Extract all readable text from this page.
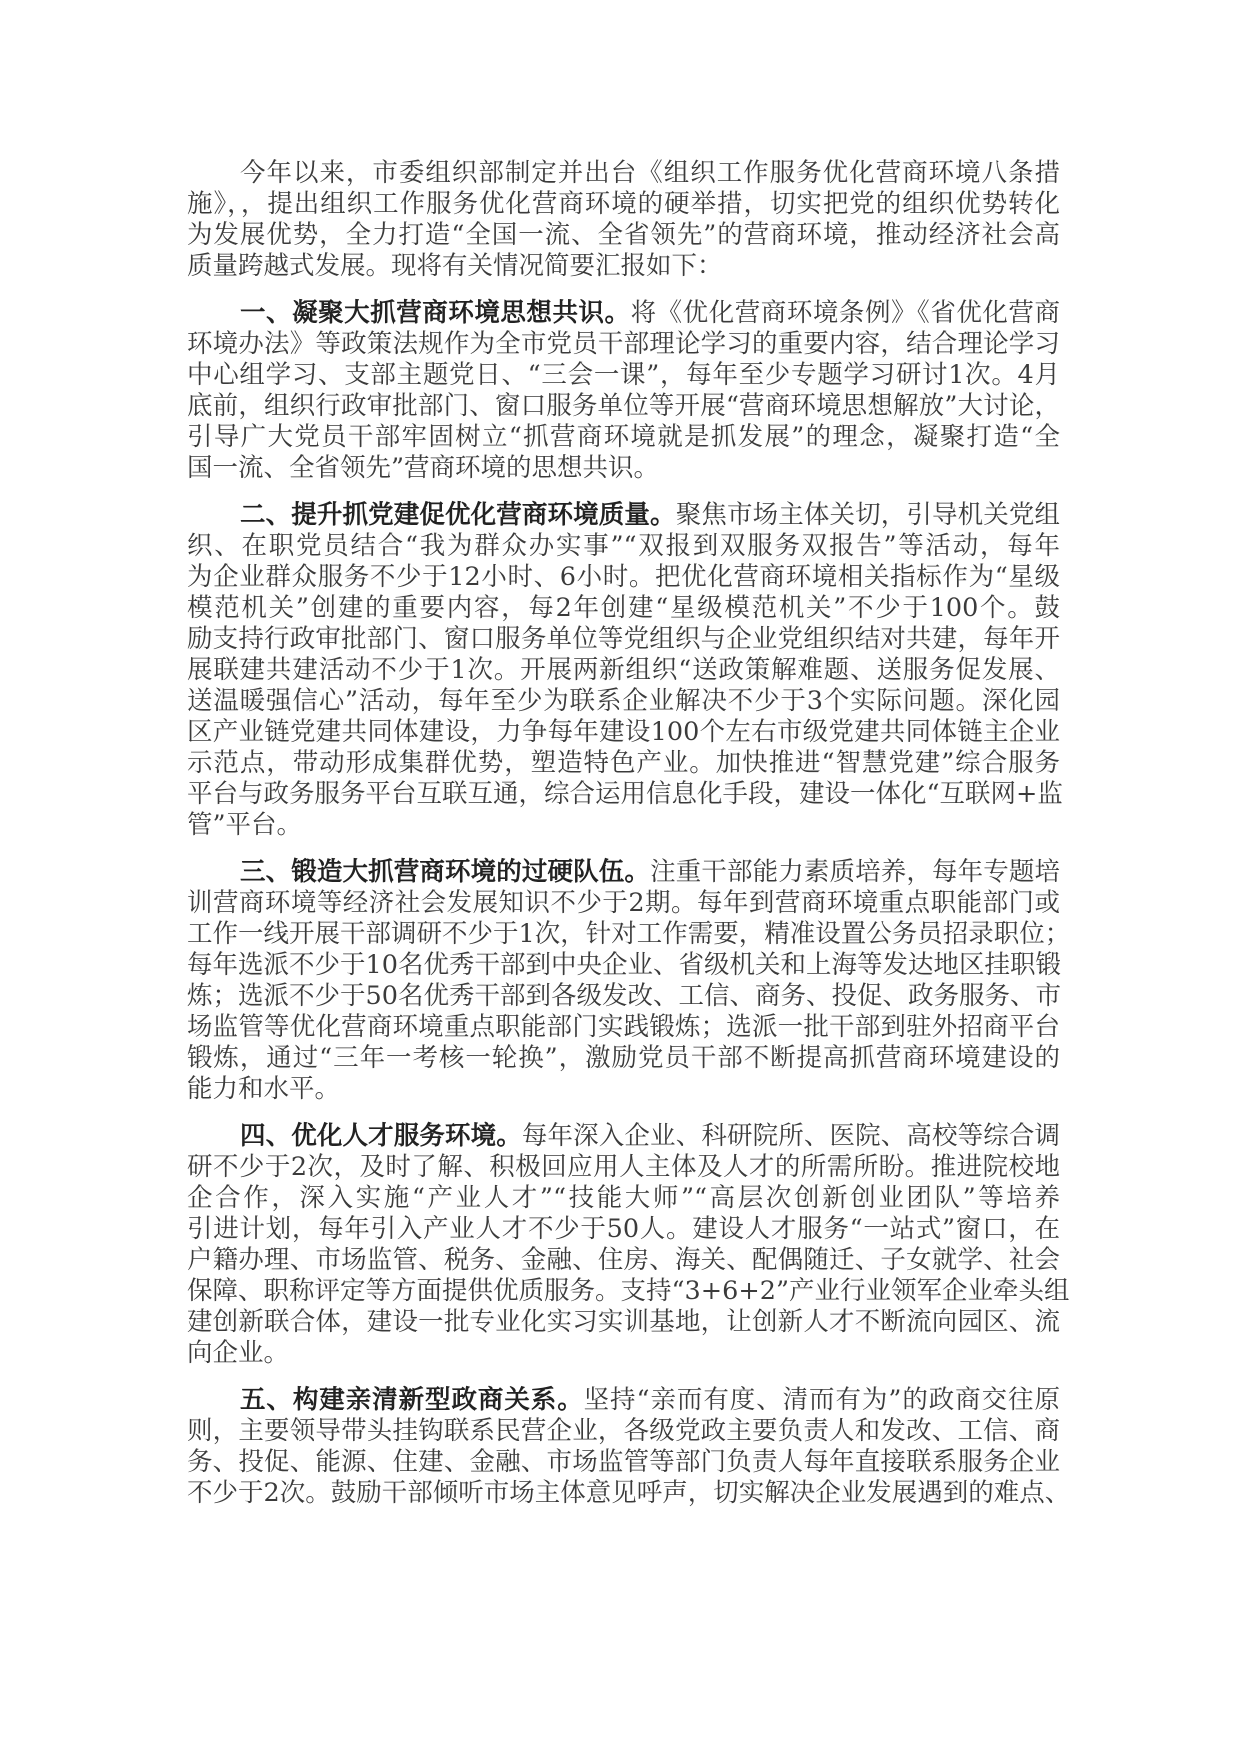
今年以来，市委组织部制定并出台《组织工作服务优化营商环境八条措
施》，，提出组织工作服务优化营商环境的硬举措，切实把党的组织优势转化
为发展优势，全力打造“全国一流、全省领先”的营商环境，推动经济社会高
质量跨越式发展。现将有关情况简要汇报如下：
一、凝聚大抓营商环境思想共识。将《优化营商环境条例》《省优化营商
环境办法》等政策法规作为全市党员干部理论学习的重要内容，结合理论学习
中心组学习、支部主题党日、“三会一课”，每年至少专题学习研讨1次。4月
底前，组织行政审批部门、窗口服务单位等开展“营商环境思想解放”大讨论，
引导广大党员干部牢固树立“抓营商环境就是抓发展”的理念，凝聚打造“全
国一流、全省领先”营商环境的思想共识。
二、提升抓党建促优化营商环境质量。聚焦市场主体关切，引导机关党组
织、在职党员结合“我为群众办实事”“双报到双服务双报告”等活动，每年
为企业群众服务不少于12小时、6小时。把优化营商环境相关指标作为“星级
模范机关”创建的重要内容，每2年创建“星级模范机关”不少于100个。鼓
励支持行政审批部门、窗口服务单位等党组织与企业党组织结对共建，每年开
展联建共建活动不少于1次。开展两新组织“送政策解难题、送服务促发展、
送温暖强信心”活动，每年至少为联系企业解决不少于3个实际问题。深化园
区产业链党建共同体建设，力争每年建设100个左右市级党建共同体链主企业
示范点，带动形成集群优势，塑造特色产业。加快推进“智慧党建”综合服务
平台与政务服务平台互联互通，综合运用信息化手段，建设一体化“互联网+监
管”平台。
三、锻造大抓营商环境的过硬队伍。注重干部能力素质培养，每年专题培
训营商环境等经济社会发展知识不少于2期。每年到营商环境重点职能部门或
工作一线开展干部调研不少于1次，针对工作需要，精准设置公务员招录职位；
每年选派不少于10名优秀干部到中央企业、省级机关和上海等发达地区挂职锻
炼；选派不少于50名优秀干部到各级发改、工信、商务、投促、政务服务、市
场监管等优化营商环境重点职能部门实践锻炼；选派一批干部到驻外招商平台
锻炼，通过“三年一考核一轮换”，激励党员干部不断提高抓营商环境建设的
能力和水平。
四、优化人才服务环境。每年深入企业、科研院所、医院、高校等综合调
研不少于2次，及时了解、积极回应用人主体及人才的所需所盼。推进院校地
企合作，深入实施“产业人才”“技能大师”“高层次创新创业团队”等培养
引进计划，每年引入产业人才不少于50人。建设人才服务“一站式”窗口，在
户籍办理、市场监管、税务、金融、住房、海关、配偶随迁、子女就学、社会
保障、职称评定等方面提供优质服务。支持“3+6+2”产业行业领军企业牵头组
建创新联合体，建设一批专业化实习实训基地，让创新人才不断流向园区、流
向企业。
五、构建亲清新型政商关系。坚持“亲而有度、清而有为”的政商交往原
则，主要领导带头挂钩联系民营企业，各级党政主要负责人和发改、工信、商
务、投促、能源、住建、金融、市场监管等部门负责人每年直接联系服务企业
不少于2次。鼓励干部倾听市场主体意见呼声，切实解决企业发展遇到的难点、
